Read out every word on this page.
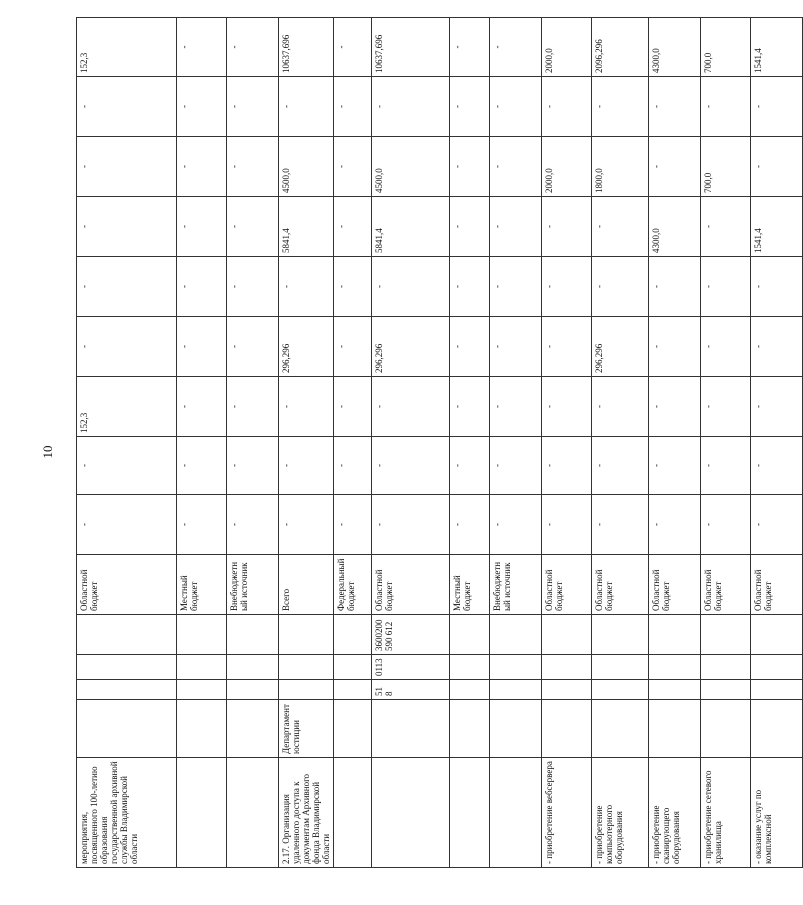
10
мероприятия, посвященного 100-летию образования государственной архивной службы Владимирской области					Областной бюджет	-	-	152,3	-	-	-	-	-	152,3
					Местный бюджет	-	-	-	-	-	-	-	-	-
					Внебюджетный источник	-	-	-	-	-	-	-	-	-
2.17. Организация удаленного доступа к документам Архивного фонда Владимирской области	Департамент юстиции				Всего	-	-	-	296,296	-	5841,4	4500,0	-	10637,696
					Федеральный бюджет	-	-	-	-	-	-	-	-	-
		518	0113	3600200590 612	Областной бюджет	-	-	-	296,296	-	5841,4	4500,0	-	10637,696
					Местный бюджет	-	-	-	-	-	-	-	-	-
					Внебюджетный источник	-	-	-	-	-	-	-	-	-
- приобретение вебсервера					Областной бюджет	-	-	-	-	-	-	2000,0	-	2000,0
- приобретение компьютерного оборудования					Областной бюджет	-	-	-	296,296	-	-	1800,0	-	2096,296
- приобретение сканирующего оборудования					Областной бюджет	-	-	-	-	-	4300,0	-	-	4300,0
- приобретение сетевого хранилища					Областной бюджет	-	-	-	-	-	-	700,0	-	700,0
- оказание услуг по комплексной					Областной бюджет	-	-	-	-	-	1541,4	-	-	1541,4
